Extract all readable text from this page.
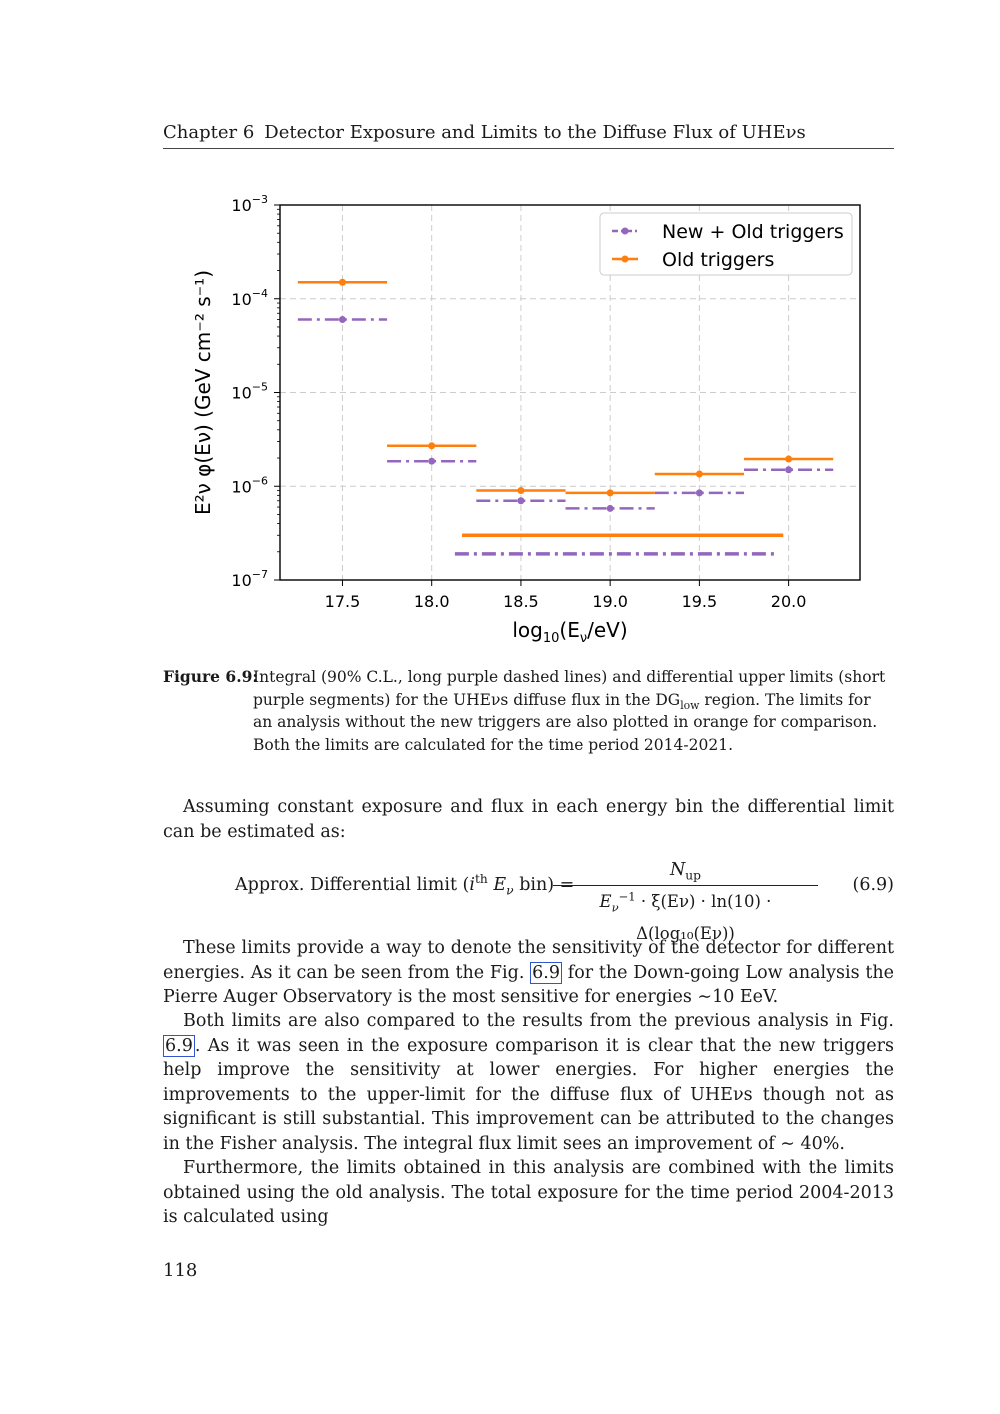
Chapter 6 Detector Exposure and Limits to the Diffuse Flux of UHEνs
17.5	18.0	18.5	19.0	19.5	20.0
$10^{-3}$
$10^{-4}$
$10^{-5}$
$10^{-6}$
$10^{-7}$
New + Old triggers
Old triggers
$\log_{10}(E_\nu/eV)$
E²ν φ(Eν) (GeV cm⁻² s⁻¹)
Figure 6.9:
Integral (90% C.L., long purple dashed lines) and differential upper limits (short purple segments) for the UHEνs diffuse flux in the $DG_{low}$ region. The limits for an analysis without the new triggers are also plotted in orange for comparison. Both the limits are calculated for the time period 2014-2021.
Assuming constant exposure and flux in each energy bin the differential limit can be estimated as:
Approx. Differential limit ($i^{th}$ $E_\nu$ bin) =
$N_{up}$
$E_\nu^{-1} \cdot \xi(E\nu) \cdot \ln(10) \cdot \Delta(\log_{10}(E\nu))$
(6.9)
These limits provide a way to denote the sensitivity of the detector for different energies. As it can be seen from the Fig. 6.9 for the Down-going Low analysis the Pierre Auger Observatory is the most sensitive for energies ∼10 EeV.
Both limits are also compared to the results from the previous analysis in Fig. 6.9 . As it was seen in the exposure comparison it is clear that the new triggers help improve the sensitivity at lower energies. For higher energies the improvements to the upper-limit for the diffuse flux of UHEνs though not as significant is still substantial. This improvement can be attributed to the changes in the Fisher analysis. The integral flux limit sees an improvement of ∼ 40%.
Furthermore, the limits obtained in this analysis are combined with the limits obtained using the old analysis. The total exposure for the time period 2004-2013 is calculated using
118
